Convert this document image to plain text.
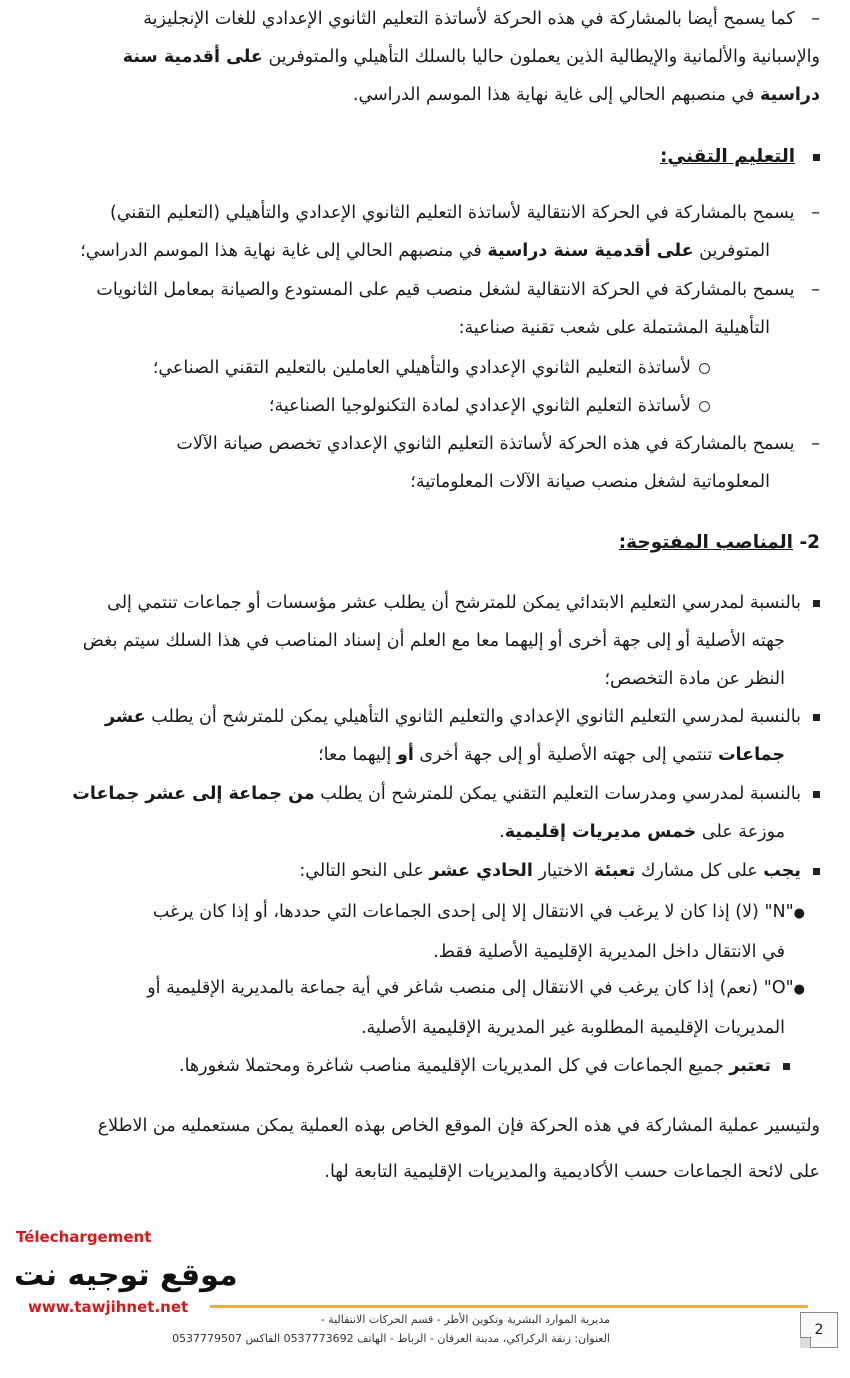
–   كما يسمح أيضا بالمشاركة في هذه الحركة لأساتذة التعليم الثانوي الإعدادي للغات الإنجليزية
والإسبانية والألمانية والإيطالية الذين يعملون حاليا بالسلك التأهيلي والمتوفرين على أقدمية سنة
دراسية في منصبهم الحالي إلى غاية نهاية هذا الموسم الدراسي.
التعليم التقني:
–   يسمح بالمشاركة في الحركة الانتقالية لأساتذة التعليم الثانوي الإعدادي والتأهيلي (التعليم التقني)
المتوفرين على أقدمية سنة دراسية في منصبهم الحالي إلى غاية نهاية هذا الموسم الدراسي؛
–   يسمح بالمشاركة في الحركة الانتقالية لشغل منصب قيم على المستودع والصيانة بمعامل الثانويات
التأهيلية المشتملة على شعب تقنية صناعية:
لأساتذة التعليم الثانوي الإعدادي والتأهيلي العاملين بالتعليم التقني الصناعي؛
لأساتذة التعليم الثانوي الإعدادي لمادة التكنولوجيا الصناعية؛
–   يسمح بالمشاركة في هذه الحركة لأساتذة التعليم الثانوي الإعدادي تخصص صيانة الآلات
المعلوماتية لشغل منصب صيانة الآلات المعلوماتية؛
2- المناصب المفتوحة:
بالنسبة لمدرسي التعليم الابتدائي يمكن للمترشح أن يطلب عشر مؤسسات أو جماعات تنتمي إلى
جهته الأصلية أو إلى جهة أخرى أو إليهما معا مع العلم أن إسناد المناصب في هذا السلك سيتم بغض
النظر عن مادة التخصص؛
بالنسبة لمدرسي التعليم الثانوي الإعدادي والتعليم الثانوي التأهيلي يمكن للمترشح أن يطلب عشر
جماعات تنتمي إلى جهته الأصلية أو إلى جهة أخرى أو إليهما معا؛
بالنسبة لمدرسي ومدرسات التعليم التقني يمكن للمترشح أن يطلب من جماعة إلى عشر جماعات
موزعة على خمس مديريات إقليمية.
يجب على كل مشارك تعبئة الاختيار الحادي عشر على النحو التالي:
●"N" (لا) إذا كان لا يرغب في الانتقال إلا إلى إحدى الجماعات التي حددها، أو إذا كان يرغب
في الانتقال داخل المديرية الإقليمية الأصلية فقط.
●"O" (نعم) إذا كان يرغب في الانتقال إلى منصب شاغر في أية جماعة بالمديرية الإقليمية أو
المديريات الإقليمية المطلوبة غير المديرية الإقليمية الأصلية.
تعتبر جميع الجماعات في كل المديريات الإقليمية مناصب شاغرة ومحتملا شغورها.
ولتيسير عملية المشاركة في هذه الحركة فإن الموقع الخاص بهذه العملية يمكن مستعمليه من الاطلاع
على لائحة الجماعات حسب الأكاديمية والمديريات الإقليمية التابعة لها.
Télechargement
موقع توجيه نت
www.tawjihnet.net
مديرية الموارد البشرية وتكوين الأطر - قسم الحركات الانتقالية -
العنوان: زنقة الركراكي، مدينة العرفان - الرباط - الهاتف 0537773692 الفاكس 0537779507
2
